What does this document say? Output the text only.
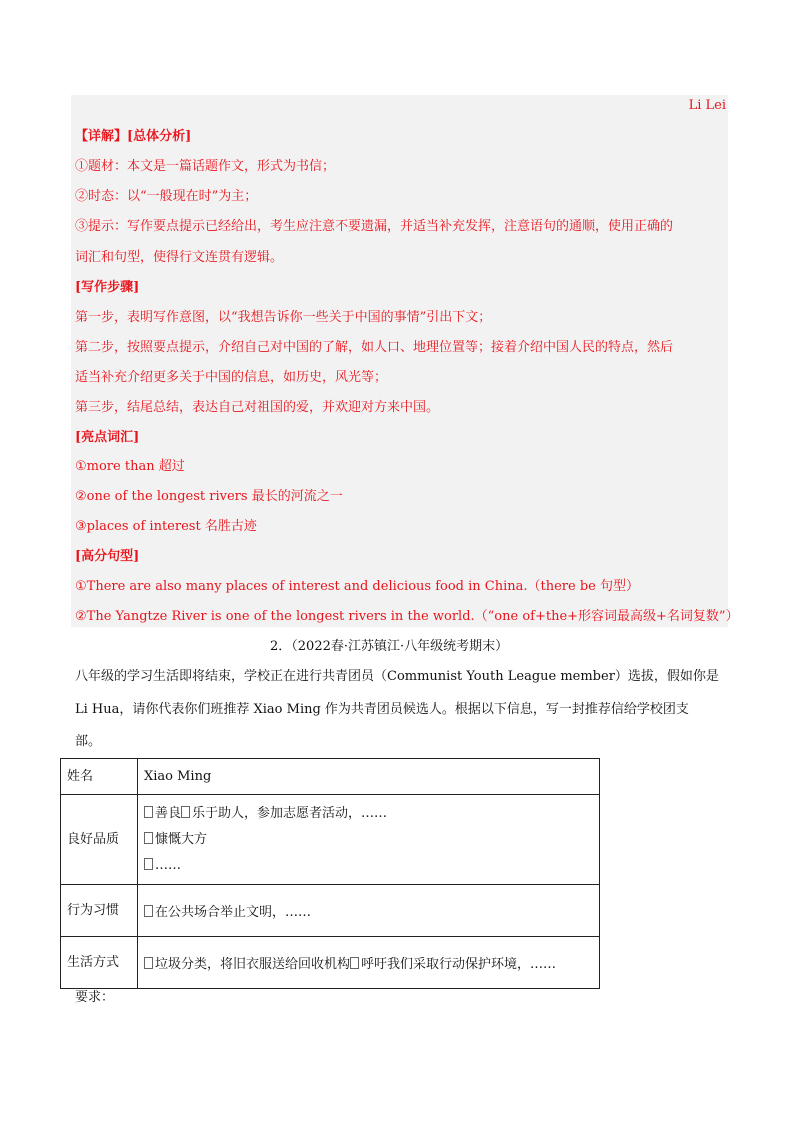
Li Lei
【详解】[总体分析]
①题材：本文是一篇话题作文，形式为书信；
②时态：以“一般现在时”为主；
③提示：写作要点提示已经给出，考生应注意不要遗漏，并适当补充发挥，注意语句的通顺，使用正确的
词汇和句型，使得行文连贯有逻辑。
[写作步骤]
第一步，表明写作意图，以“我想告诉你一些关于中国的事情”引出下文；
第二步，按照要点提示，介绍自己对中国的了解，如人口、地理位置等；接着介绍中国人民的特点，然后
适当补充介绍更多关于中国的信息，如历史，风光等；
第三步，结尾总结，表达自己对祖国的爱，并欢迎对方来中国。
[亮点词汇]
①more than 超过
②one of the longest rivers 最长的河流之一
③places of interest 名胜古迹
[高分句型]
①There are also many places of interest and delicious food in China.（there be 句型）
②The Yangtze River is one of the longest rivers in the world.（“one of+the+形容词最高级+名词复数”）
2．（2022春·江苏镇江·八年级统考期末）
八年级的学习生活即将结束，学校正在进行共青团员（Communist Youth League member）选拔，假如你是
Li Hua，请你代表你们班推荐 Xiao Ming 作为共青团员候选人。根据以下信息，写一封推荐信给学校团支
部。
姓名	Xiao Ming
良好品质	善良 乐于助人，参加志愿者活动，……
慷慨大方
……

行为习惯	在公共场合举止文明，……
生活方式	垃圾分类，将旧衣服送给回收机构 呼吁我们采取行动保护环境，……
要求：
